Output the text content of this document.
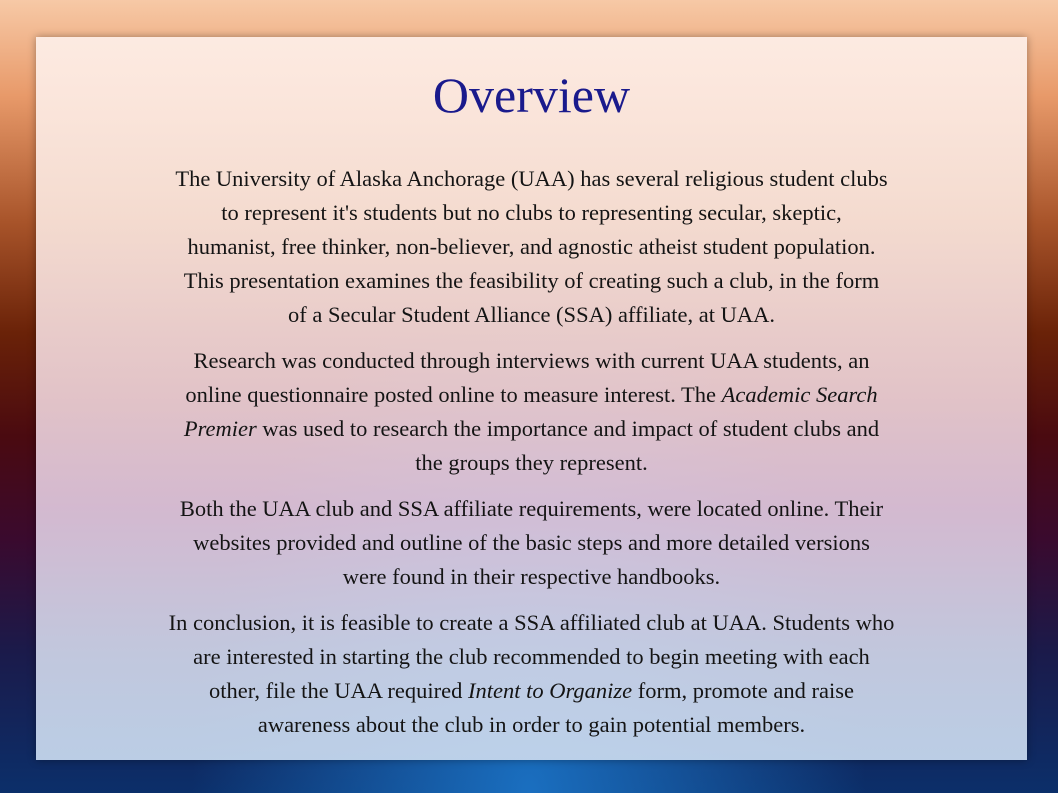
Overview

The University of Alaska Anchorage (UAA) has several religious student clubs
to represent it's students but no clubs to representing secular, skeptic,
humanist, free thinker, non-believer, and agnostic atheist student population.
This presentation examines the feasibility of creating such a club, in the form
of a Secular Student Alliance (SSA) affiliate, at UAA.

Research was conducted through interviews with current UAA students, an
online questionnaire posted online to measure interest. The Academic Search
Premier was used to research the importance and impact of student clubs and
the groups they represent.

Both the UAA club and SSA affiliate requirements, were located online. Their
websites provided and outline of the basic steps and more detailed versions
were found in their respective handbooks.

In conclusion, it is feasible to create a SSA affiliated club at UAA. Students who
are interested in starting the club recommended to begin meeting with each
other, file the UAA required Intent to Organize form, promote and raise
awareness about the club in order to gain potential members.
